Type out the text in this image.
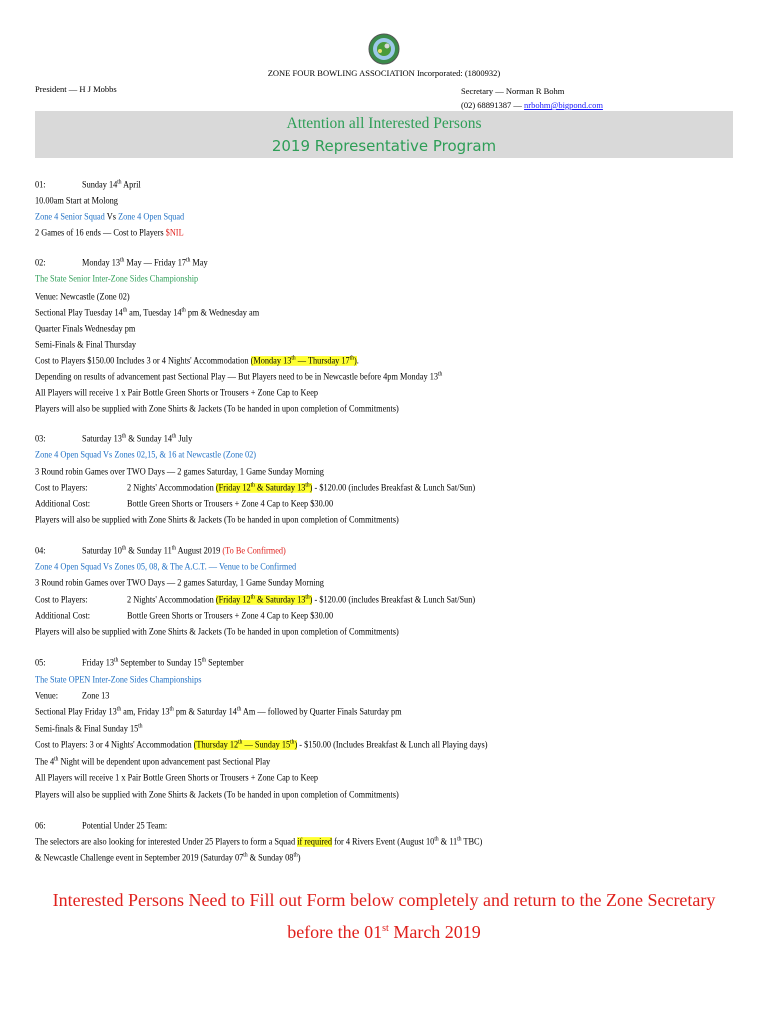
ZONE FOUR BOWLING ASSOCIATION Incorporated: (1800932)
President — H J Mobbs	Secretary — Norman R Bohm
(02) 68891387 — nrbohm@bigpond.com
Attention all Interested Persons
2019 Representative Program
01:	Sunday 14th April
10.00am Start at Molong
Zone 4 Senior Squad Vs Zone 4 Open Squad
2 Games of 16 ends — Cost to Players $NIL
02:	Monday 13th May — Friday 17th May
The State Senior Inter-Zone Sides Championship
Venue: Newcastle (Zone 02)
Sectional Play Tuesday 14th am, Tuesday 14th pm & Wednesday am
Quarter Finals Wednesday pm
Semi-Finals & Final Thursday
Cost to Players $150.00 Includes 3 or 4 Nights' Accommodation (Monday 13th — Thursday 17th).
Depending on results of advancement past Sectional Play — But Players need to be in Newcastle before 4pm Monday 13th
All Players will receive 1 x Pair Bottle Green Shorts or Trousers + Zone Cap to Keep
Players will also be supplied with Zone Shirts & Jackets (To be handed in upon completion of Commitments)
03:	Saturday 13th & Sunday 14th July
Zone 4 Open Squad Vs Zones 02,15, & 16 at Newcastle (Zone 02)
3 Round robin Games over TWO Days — 2 games Saturday, 1 Game Sunday Morning
Cost to Players:	2 Nights' Accommodation (Friday 12th & Saturday 13th) - $120.00 (includes Breakfast & Lunch Sat/Sun)
Additional Cost:	Bottle Green Shorts or Trousers + Zone 4 Cap to Keep $30.00
Players will also be supplied with Zone Shirts & Jackets (To be handed in upon completion of Commitments)
04:	Saturday 10th & Sunday 11th August 2019 (To Be Confirmed)
Zone 4 Open Squad Vs Zones 05, 08, & The A.C.T. — Venue to be Confirmed
3 Round robin Games over TWO Days — 2 games Saturday, 1 Game Sunday Morning
Cost to Players:	2 Nights' Accommodation (Friday 12th & Saturday 13th) - $120.00 (includes Breakfast & Lunch Sat/Sun)
Additional Cost:	Bottle Green Shorts or Trousers + Zone 4 Cap to Keep $30.00
Players will also be supplied with Zone Shirts & Jackets (To be handed in upon completion of Commitments)
05:	Friday 13th September to Sunday 15th September
The State OPEN Inter-Zone Sides Championships
Venue:	Zone 13
Sectional Play Friday 13th am, Friday 13th pm & Saturday 14th Am — followed by Quarter Finals Saturday pm
Semi-finals & Final Sunday 15th
Cost to Players: 3 or 4 Nights' Accommodation (Thursday 12th — Sunday 15th) - $150.00 (Includes Breakfast & Lunch all Playing days)
The 4th Night will be dependent upon advancement past Sectional Play
All Players will receive 1 x Pair Bottle Green Shorts or Trousers + Zone Cap to Keep
Players will also be supplied with Zone Shirts & Jackets (To be handed in upon completion of Commitments)
06:	Potential Under 25 Team:
The selectors are also looking for interested Under 25 Players to form a Squad if required for 4 Rivers Event (August 10th & 11th TBC)
& Newcastle Challenge event in September 2019 (Saturday 07th & Sunday 08th)
Interested Persons Need to Fill out Form below completely and return to the Zone Secretary
before the 01st March 2019
